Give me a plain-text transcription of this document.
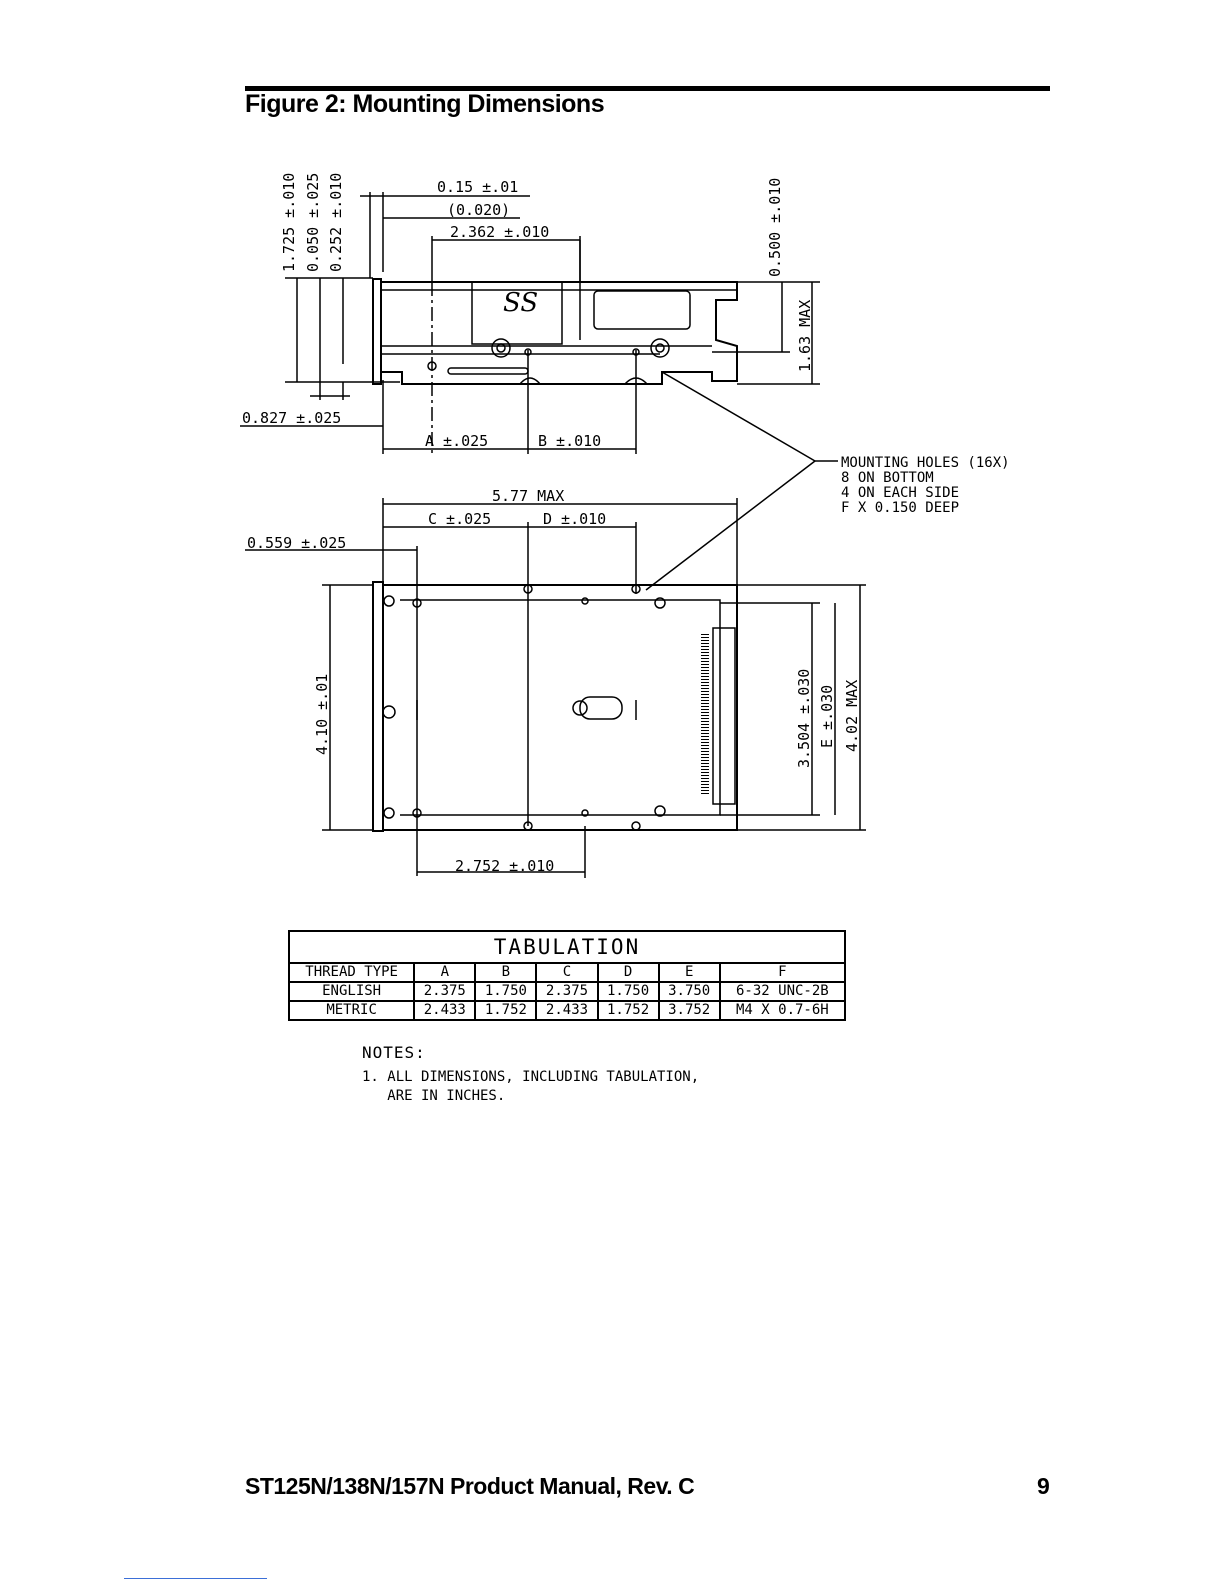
Figure 2: Mounting Dimensions
SS
1.725 ±.010 0.050 ±.025 0.252 ±.010	0.15 ±.01
(0.020)
2.362 ±.010	0.500 ±.010
1.63 MAX
0.827 ±.025
A ±.025	B ±.010
5.77 MAX
C ±.025	D ±.010
0.559 ±.025
4.10 ±.01	3.504 ±.030 E ±.030 4.02 MAX
2.752 ±.010
MOUNTING HOLES (16X)
8 ON BOTTOM
4 ON EACH SIDE
F X 0.150 DEEP
TABULATION						
THREAD TYPE	A	B	C	D	E	F
ENGLISH	2.375	1.750	2.375	1.750	3.750	6-32 UNC-2B
METRIC	2.433	1.752	2.433	1.752	3.752	M4 X 0.7-6H
NOTES:
1. ALL DIMENSIONS, INCLUDING TABULATION,
ARE IN INCHES.
ST125N/138N/157N Product Manual, Rev. C	9
